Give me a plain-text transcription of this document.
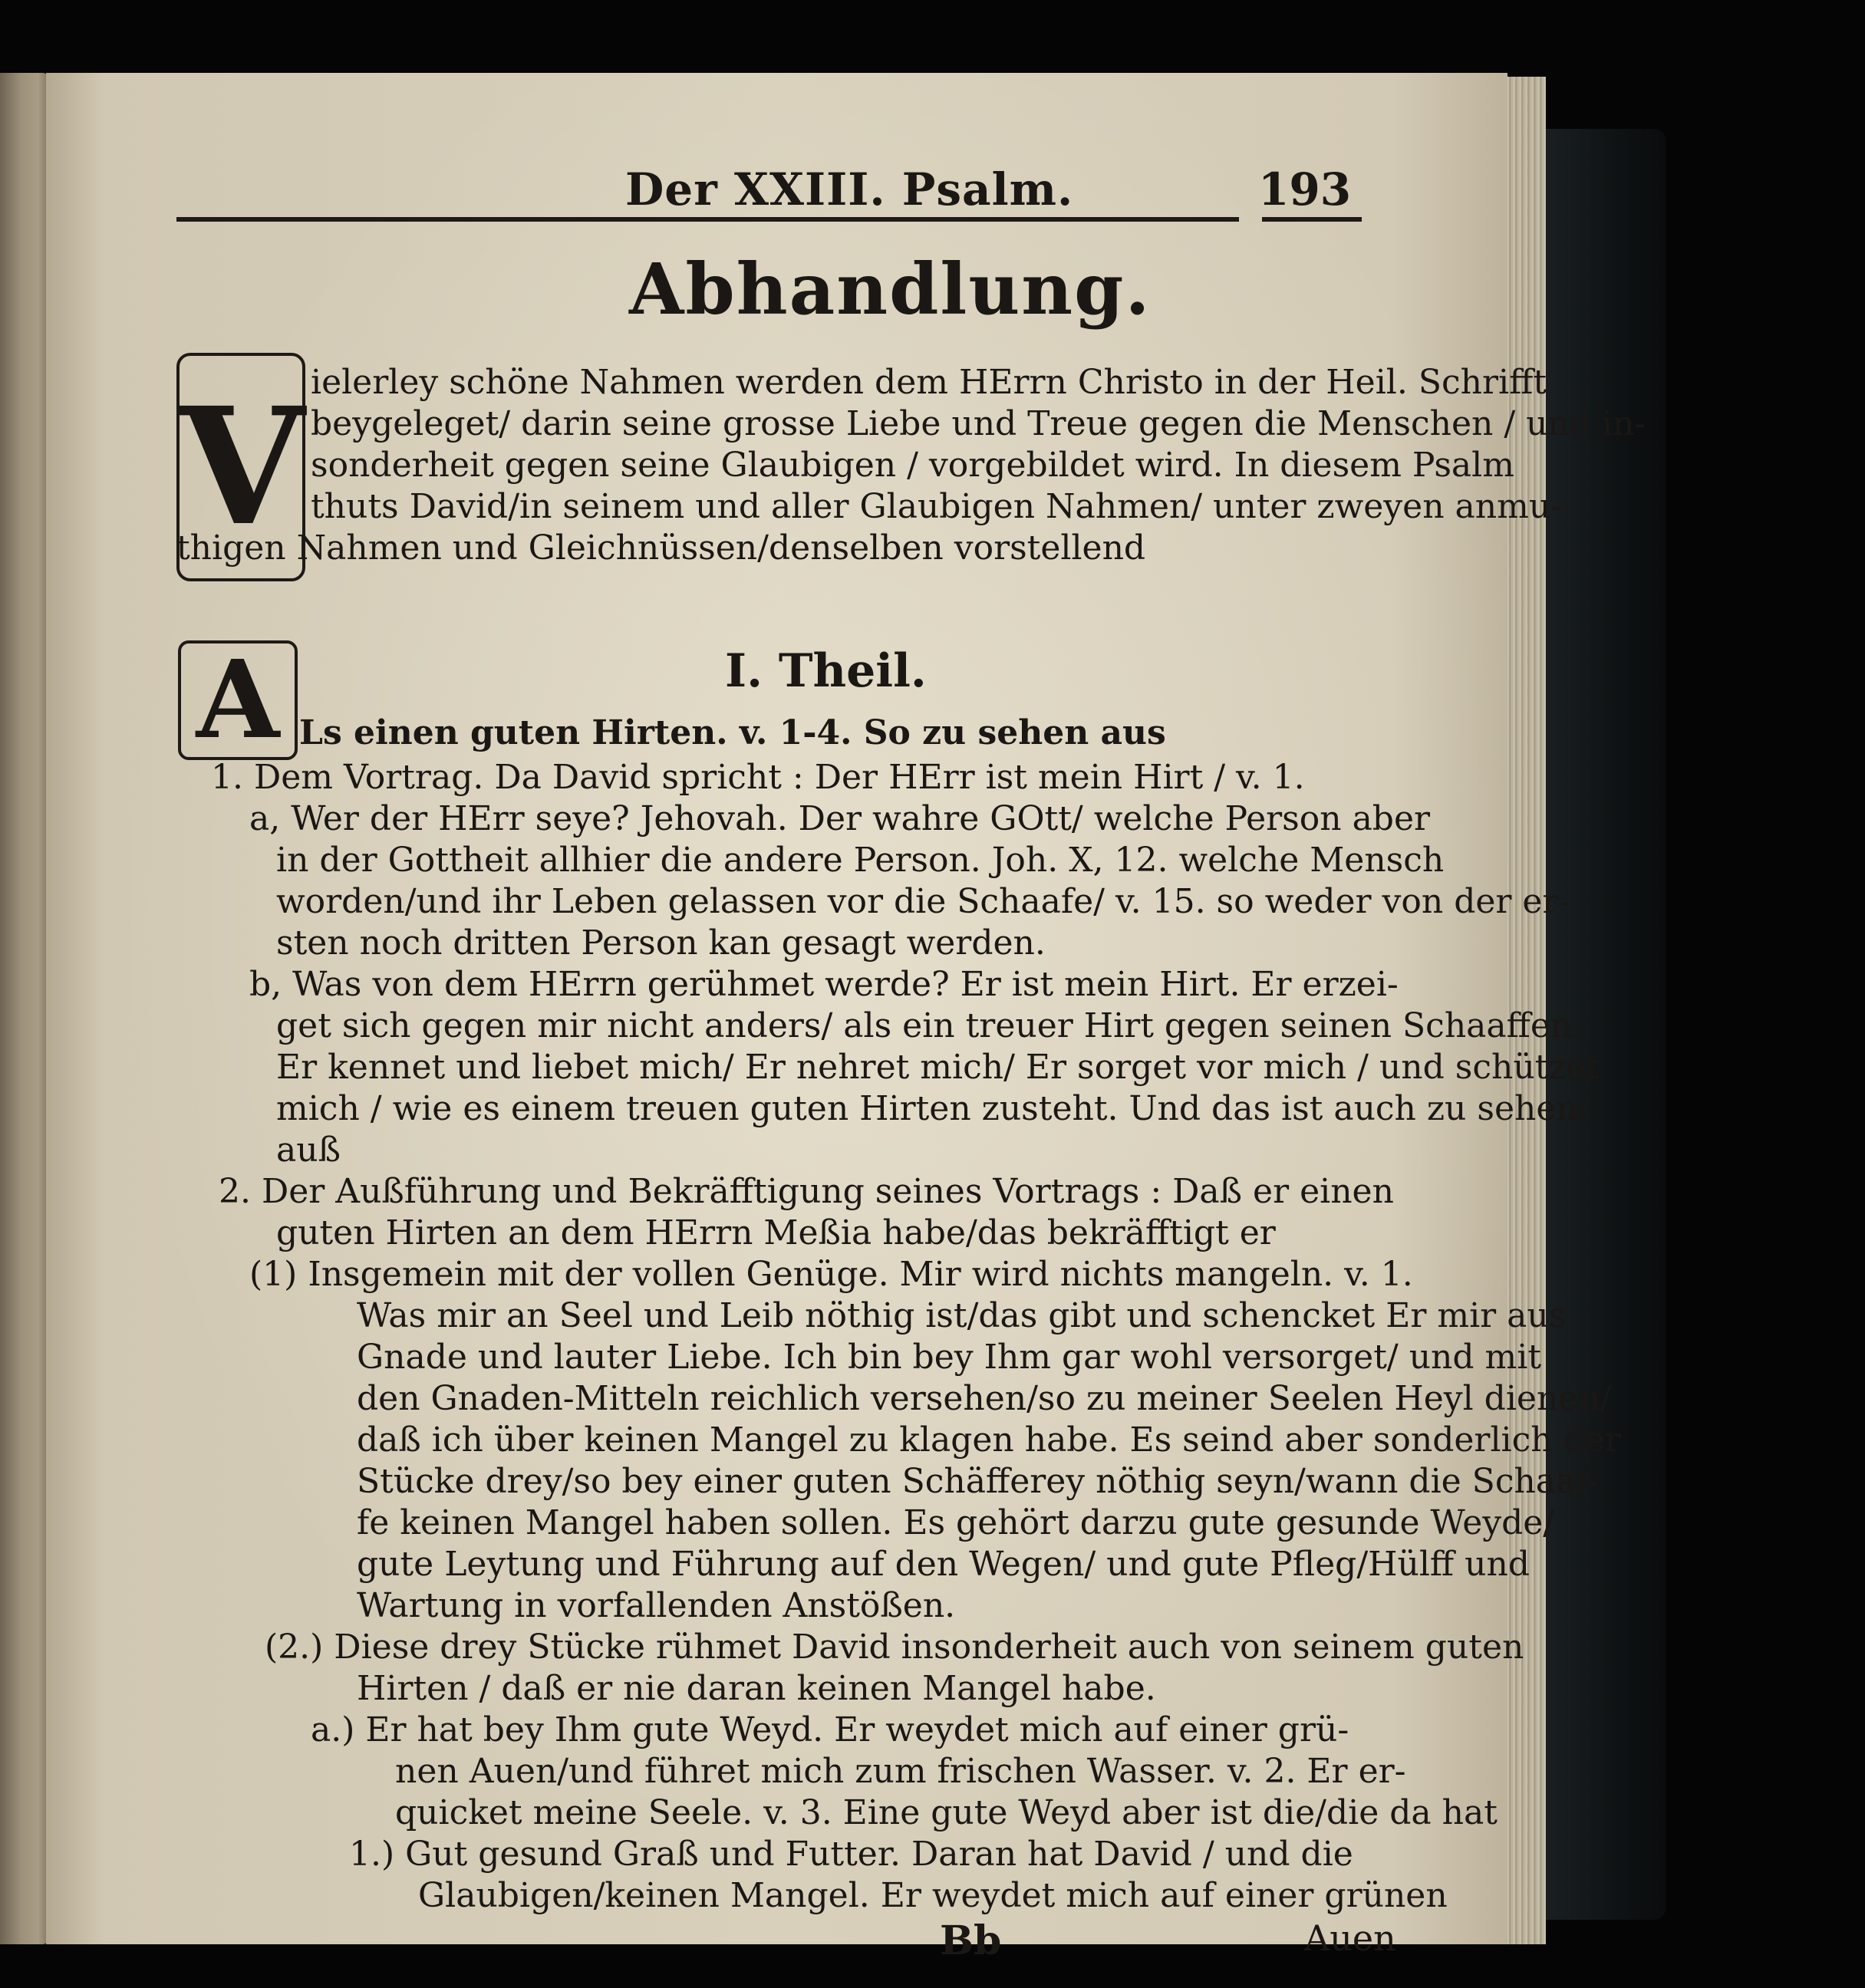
Der XXIII. Psalm.	193
Abhandlung.
V ielerley schöne Nahmen werden dem HErrn Christo in der Heil. Schrifft
beygeleget/ darin seine grosse Liebe und Treue gegen die Menschen / und in-
sonderheit gegen seine Glaubigen / vorgebildet wird. In diesem Psalm
thuts David/in seinem und aller Glaubigen Nahmen/ unter zweyen anmu-
thigen Nahmen und Gleichnüssen/denselben vorstellend
A	I. Theil.
Ls einen guten Hirten. v. 1-4. So zu sehen aus
1. Dem Vortrag. Da David spricht : Der HErr ist mein Hirt / v. 1.
a, Wer der HErr seye? Jehovah. Der wahre GOtt/ welche Person aber
in der Gottheit allhier die andere Person. Joh. X, 12. welche Mensch
worden/und ihr Leben gelassen vor die Schaafe/ v. 15. so weder von der er-
sten noch dritten Person kan gesagt werden.
b, Was von dem HErrn gerühmet werde? Er ist mein Hirt. Er erzei-
get sich gegen mir nicht anders/ als ein treuer Hirt gegen seinen Schaaffen.
Er kennet und liebet mich/ Er nehret mich/ Er sorget vor mich / und schützet
mich / wie es einem treuen guten Hirten zusteht. Und das ist auch zu sehen/
auß
2. Der Außführung und Bekräfftigung seines Vortrags : Daß er einen
guten Hirten an dem HErrn Meßia habe/das bekräfftigt er
(1) Insgemein mit der vollen Genüge. Mir wird nichts mangeln. v. 1.
Was mir an Seel und Leib nöthig ist/das gibt und schencket Er mir aus
Gnade und lauter Liebe. Ich bin bey Ihm gar wohl versorget/ und mit
den Gnaden-Mitteln reichlich versehen/so zu meiner Seelen Heyl dienen/
daß ich über keinen Mangel zu klagen habe. Es seind aber sonderlich der
Stücke drey/so bey einer guten Schäfferey nöthig seyn/wann die Schaaf-
fe keinen Mangel haben sollen. Es gehört darzu gute gesunde Weyde/
gute Leytung und Führung auf den Wegen/ und gute Pfleg/Hülff und
Wartung in vorfallenden Anstößen.
(2.) Diese drey Stücke rühmet David insonderheit auch von seinem guten
Hirten / daß er nie daran keinen Mangel habe.
a.) Er hat bey Ihm gute Weyd. Er weydet mich auf einer grü-
nen Auen/und führet mich zum frischen Wasser. v. 2. Er er-
quicket meine Seele. v. 3. Eine gute Weyd aber ist die/die da hat
1.) Gut gesund Graß und Futter. Daran hat David / und die
Glaubigen/keinen Mangel. Er weydet mich auf einer grünen
Bb	Auen
